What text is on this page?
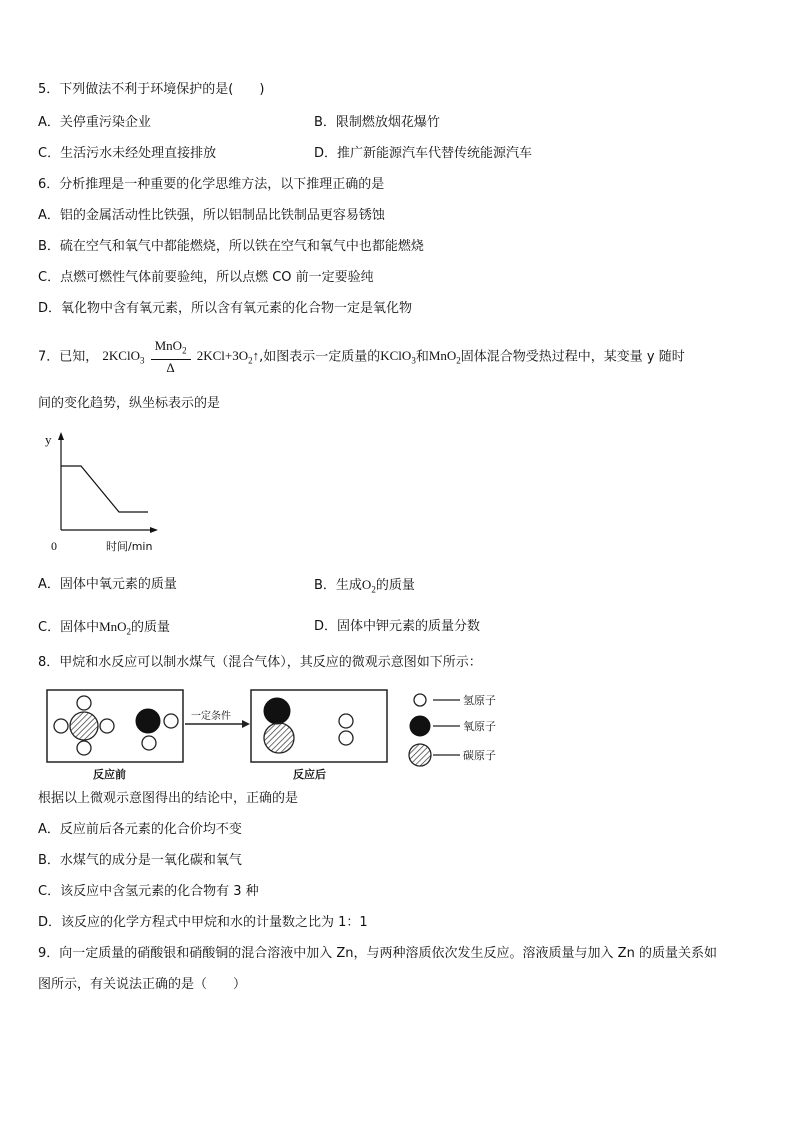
5．下列做法不利于环境保护的是(　　)
A．关停重污染企业	B．限制燃放烟花爆竹
C．生活污水未经处理直接排放	D．推广新能源汽车代替传统能源汽车
6．分析推理是一种重要的化学思维方法，以下推理正确的是
A．铝的金属活动性比铁强，所以铝制品比铁制品更容易锈蚀
B．硫在空气和氧气中都能燃烧，所以铁在空气和氧气中也都能燃烧
C．点燃可燃性气体前要验纯，所以点燃 CO 前一定要验纯
D．氧化物中含有氧元素，所以含有氧元素的化合物一定是氧化物
7．已知， 2KClO$_3$ $\frac{MnO_2}{\Delta}$ $2KCl+3O_2↑$,如图表示一定质量的KClO$_3$和MnO$_2$固体混合物受热过程中，某变量 y 随时
间的变化趋势，纵坐标表示的是
y
0	时间/min
A．固体中氧元素的质量	B．生成$O_2$的质量
C．固体中MnO$_2$的质量	D．固体中钾元素的质量分数
8．甲烷和水反应可以制水煤气（混合气体），其反应的微观示意图如下所示：
一定条件
反应前	反应后
氢原子
氧原子
碳原子
根据以上微观示意图得出的结论中，正确的是
A．反应前后各元素的化合价均不变
B．水煤气的成分是一氧化碳和氧气
C．该反应中含氢元素的化合物有 3 种
D．该反应的化学方程式中甲烷和水的计量数之比为 1：1
9．向一定质量的硝酸银和硝酸铜的混合溶液中加入 Zn，与两种溶质依次发生反应。溶液质量与加入 Zn 的质量关系如
图所示，有关说法正确的是（　　）
